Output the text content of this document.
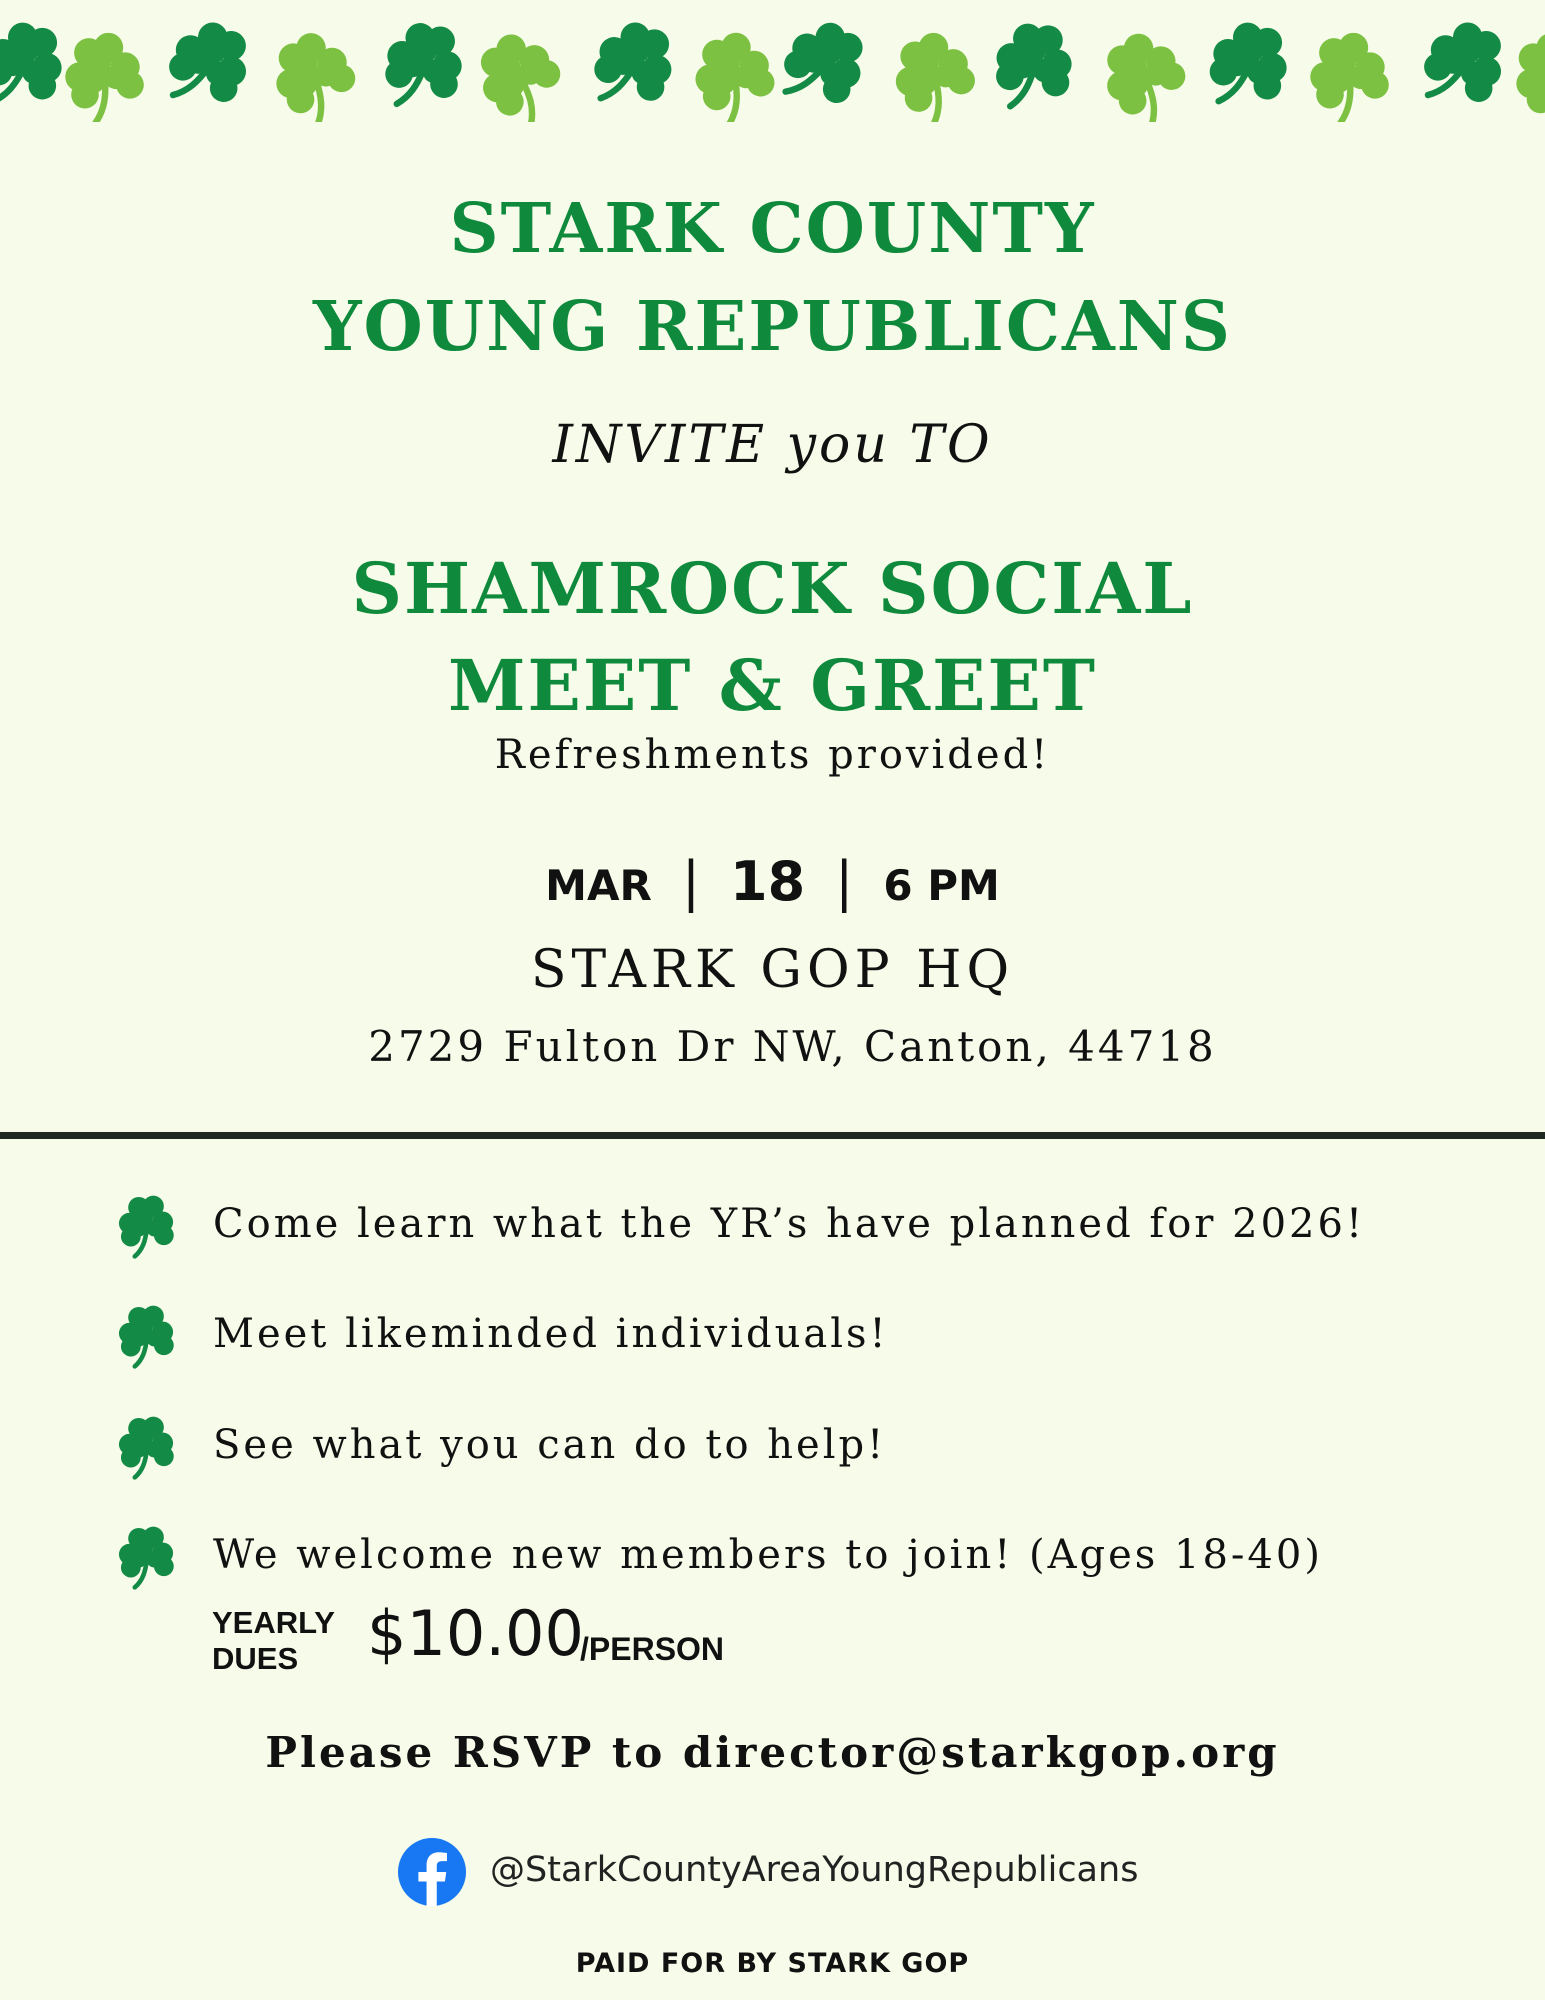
STARK COUNTY
YOUNG REPUBLICANS
INVITE you TO
SHAMROCK SOCIAL
MEET & GREET
Refreshments provided!
MAR | 18 | 6 PM
STARK GOP HQ
2729 Fulton Dr NW, Canton, 44718
Come learn what the YR’s have planned for 2026!
Meet likeminded individuals!
See what you can do to help!
We welcome new members to join! (Ages 18-40)
YEARLY
DUES	$10.00
/PERSON
Please RSVP to director@starkgop.org
@StarkCountyAreaYoungRepublicans
PAID FOR BY STARK GOP
